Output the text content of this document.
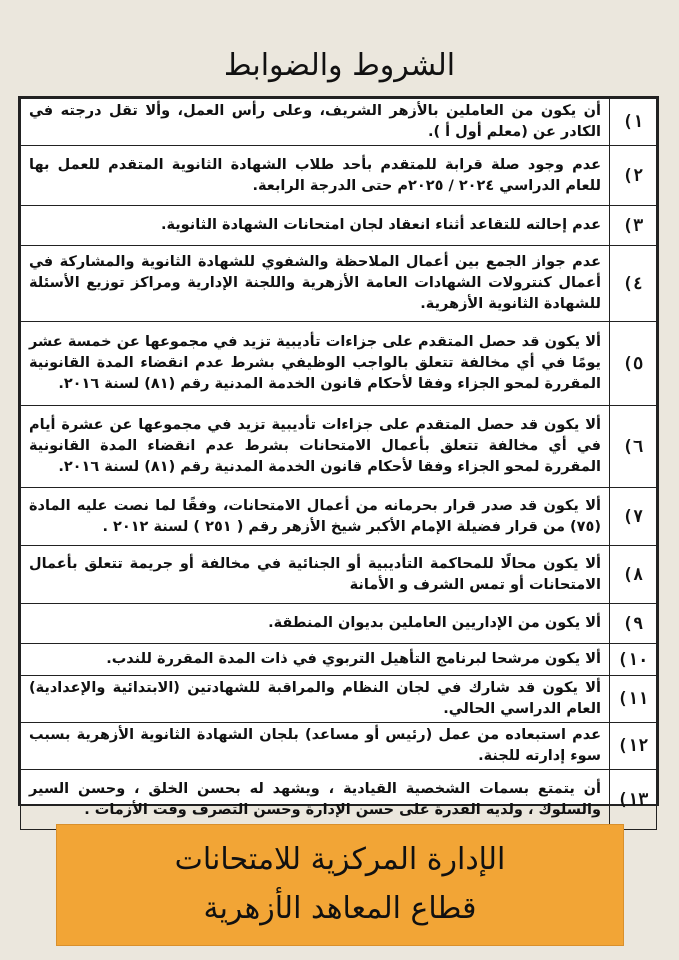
الشروط والضوابط
١)	أن يكون من العاملين بالأزهر الشريف، وعلى رأس العمل، وألا تقل درجته في الكادر عن (معلم أول أ ).
٢)	عدم وجود صلة قرابة للمتقدم بأحد طلاب الشهادة الثانوية المتقدم للعمل بها للعام الدراسي ٢٠٢٤ / ٢٠٢٥م حتى الدرجة الرابعة.
٣)	عدم إحالته للتقاعد أثناء انعقاد لجان امتحانات الشهادة الثانوية.
٤)	عدم جواز الجمع بين أعمال الملاحظة والشفوي للشهادة الثانوية والمشاركة في أعمال كنترولات الشهادات العامة الأزهرية واللجنة الإدارية ومراكز توزيع الأسئلة للشهادة الثانوية الأزهرية.
٥)	ألا يكون قد حصل المتقدم على جزاءات تأديبية تزيد في مجموعها عن خمسة عشر يومًا في أي مخالفة تتعلق بالواجب الوظيفي بشرط عدم انقضاء المدة القانونية المقررة لمحو الجزاء وفقا لأحكام قانون الخدمة المدنية رقم (٨١) لسنة ٢٠١٦.
٦)	ألا يكون قد حصل المتقدم على جزاءات تأديبية تزيد في مجموعها عن عشرة أيام في أي مخالفة تتعلق بأعمال الامتحانات بشرط عدم انقضاء المدة القانونية المقررة لمحو الجزاء وفقا لأحكام قانون الخدمة المدنية رقم (٨١) لسنة ٢٠١٦.
٧)	ألا يكون قد صدر قرار بحرمانه من أعمال الامتحانات، وفقًا لما نصت عليه المادة (٧٥) من قرار فضيلة الإمام الأكبر شيخ الأزهر رقم ( ٢٥١ ) لسنة ٢٠١٢ .
٨)	ألا يكون محالًا للمحاكمة التأديبية أو الجنائية في مخالفة أو جريمة تتعلق بأعمال الامتحانات أو تمس الشرف و الأمانة
٩)	ألا يكون من الإداريين العاملين بديوان المنطقة.
١٠)	ألا يكون مرشحا لبرنامج التأهيل التربوي في ذات المدة المقررة للندب.
١١)	ألا يكون قد شارك في لجان النظام والمراقبة للشهادتين (الابتدائية والإعدادية) العام الدراسي الحالي.
١٢)	عدم استبعاده من عمل (رئيس أو مساعد) بلجان الشهادة الثانوية الأزهرية بسبب سوء إدارته للجنة.
١٣)	أن يتمتع بسمات الشخصية القيادية ، ويشهد له بحسن الخلق ، وحسن السير والسلوك ، ولديه القدرة على حسن الإدارة وحسن التصرف وقت الأزمات .
الإدارة المركزية للامتحانات
قطاع المعاهد الأزهرية
